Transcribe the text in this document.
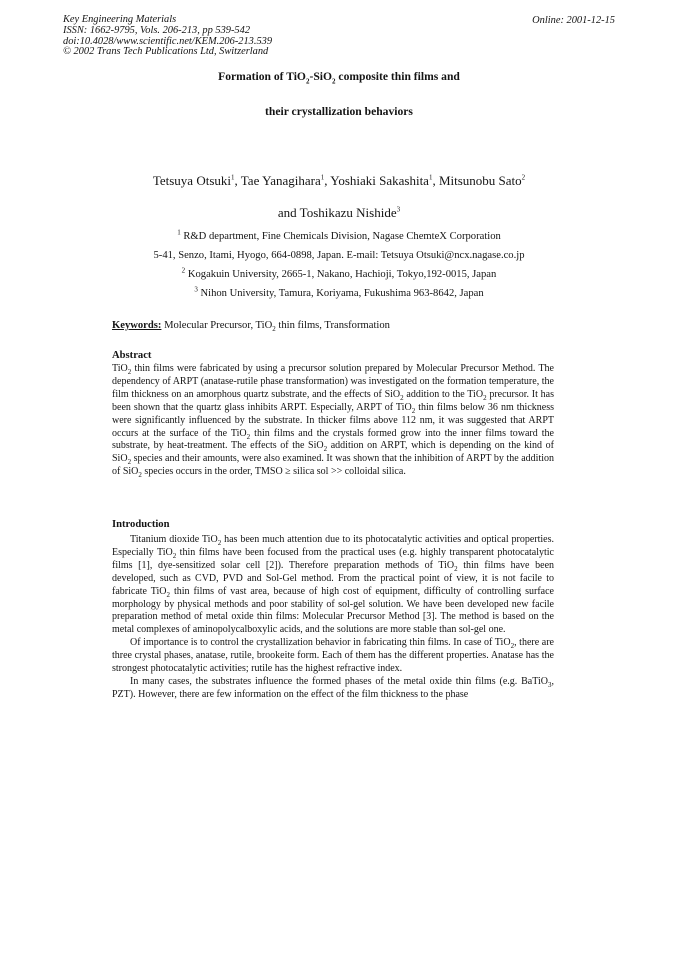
Key Engineering Materials
ISSN: 1662-9795, Vols. 206-213, pp 539-542
doi:10.4028/www.scientific.net/KEM.206-213.539
© 2002 Trans Tech Publications Ltd, Switzerland
Online: 2001-12-15
Formation of TiO$_2$-SiO$_2$ composite thin films and
their crystallization behaviors
Tetsuya Otsuki$^1$, Tae Yanagihara$^1$, Yoshiaki Sakashita$^1$, Mitsunobu Sato$^2$
and Toshikazu Nishide$^3$
$^1$ R&D department, Fine Chemicals Division, Nagase ChemteX Corporation
5-41, Senzo, Itami, Hyogo, 664-0898, Japan. E-mail: Tetsuya Otsuki@ncx.nagase.co.jp
$^2$ Kogakuin University, 2665-1, Nakano, Hachioji, Tokyo,192-0015, Japan
$^3$ Nihon University, Tamura, Koriyama, Fukushima 963-8642, Japan
Keywords: Molecular Precursor, TiO$_2$ thin films, Transformation
Abstract

TiO$_2$ thin films were fabricated by using a precursor solution prepared by Molecular Precursor Method. The dependency of ARPT (anatase-rutile phase transformation) was investigated on the formation temperature, the film thickness on an amorphous quartz substrate, and the effects of SiO$_2$ addition to the TiO$_2$ precursor. It has been shown that the quartz glass inhibits ARPT. Especially, ARPT of TiO$_2$ thin films below 36 nm thickness were significantly influenced by the substrate. In thicker films above 112 nm, it was suggested that ARPT occurs at the surface of the TiO$_2$ thin films and the crystals formed grow into the inner films toward the substrate, by heat-treatment. The effects of the SiO$_2$ addition on ARPT, which is depending on the kind of SiO$_2$ species and their amounts, were also examined. It was shown that the inhibition of ARPT by the addition of SiO$_2$ species occurs in the order, TMSO ≥ silica sol >> colloidal silica.

Introduction

Titanium dioxide TiO$_2$ has been much attention due to its photocatalytic activities and optical properties. Especially TiO$_2$ thin films have been focused from the practical uses (e.g. highly transparent photocatalytic films [1], dye-sensitized solar cell [2]). Therefore preparation methods of TiO$_2$ thin films have been developed, such as CVD, PVD and Sol-Gel method. From the practical point of view, it is not facile to fabricate TiO$_2$ thin films of vast area, because of high cost of equipment, difficulty of controlling surface morphology by physical methods and poor stability of sol-gel solution. We have been developed new facile preparation method of metal oxide thin films: Molecular Precursor Method [3]. The method is based on the metal complexes of aminopolycalboxylic acids, and the solutions are more stable than sol-gel one.

Of importance is to control the crystallization behavior in fabricating thin films. In case of TiO$_2$, there are three crystal phases, anatase, rutile, brookeite form. Each of them has the different properties. Anatase has the strongest photocatalytic activities; rutile has the highest refractive index.

In many cases, the substrates influence the formed phases of the metal oxide thin films (e.g. BaTiO$_3$, PZT). However, there are few information on the effect of the film thickness to the phase
